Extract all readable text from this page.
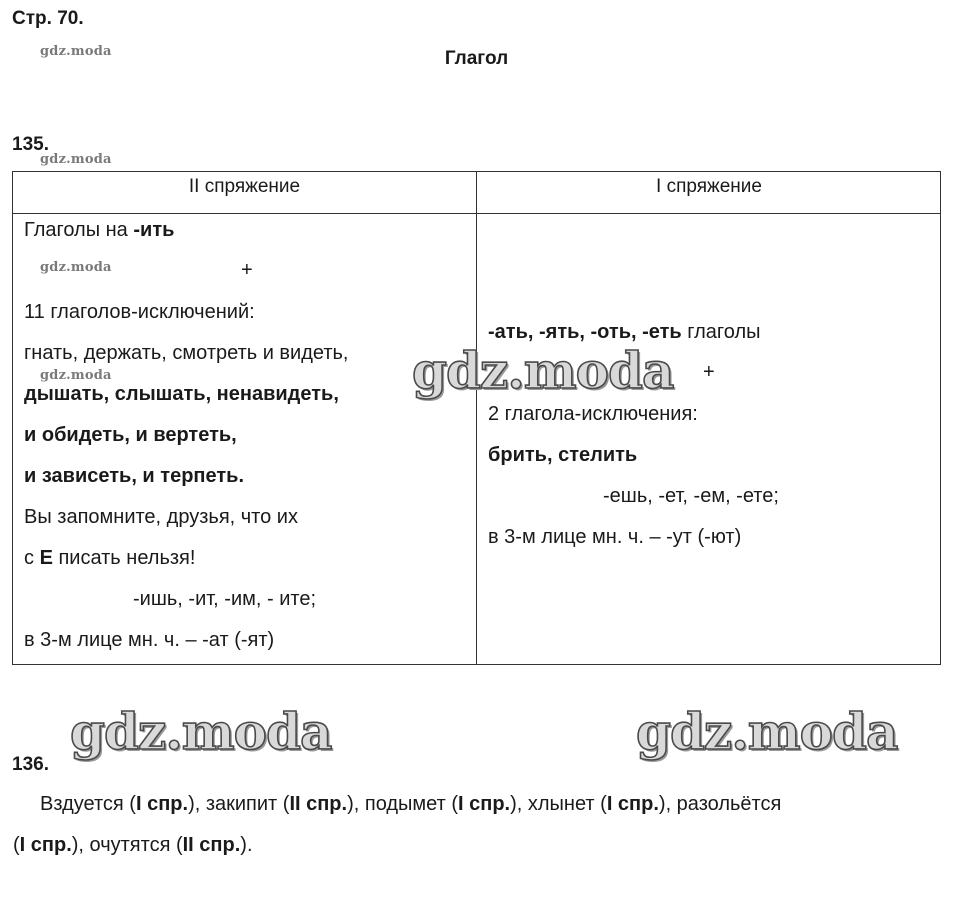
Стр. 70.
Глагол
gdz.moda
gdz.moda
gdz.moda
gdz.moda
135.
II спряжение	I спряжение
Глаголы на -ить
+
11 глаголов-исключений:
гнать, держать, смотреть и видеть,
дышать, слышать, ненавидеть,
и обидеть, и вертеть,
и зависеть, и терпеть.
Вы запомните, друзья, что их
с Е писать нельзя!
-ишь, -ит, -им, - ите;
в 3-м лице мн. ч. – -ат (-ят)
-ать, -ять, -оть, -еть глаголы
+
2 глагола-исключения:
брить, стелить
-ешь, -ет, -ем, -ете;
в 3-м лице мн. ч. – -ут (-ют)
gdz.moda
gdz.moda	gdz.moda
136.
Вздуется (I спр.), закипит (II спр.), подымет (I спр.), хлынет (I спр.), разольётся
(I спр.), очутятся (II спр.).
